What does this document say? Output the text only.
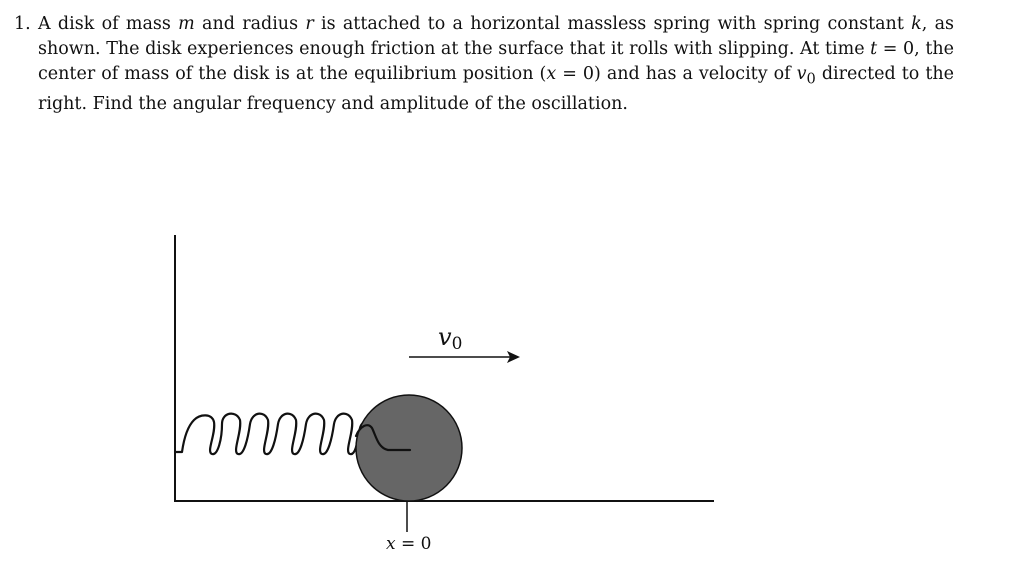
1. A disk of mass m and radius r is attached to a horizontal massless spring with spring constant k, as shown. The disk experiences enough friction at the surface that it rolls with slipping. At time t = 0, the center of mass of the disk is at the equilibrium position (x = 0) and has a velocity of $v_0$ directed to the right. Find the angular frequency and amplitude of the oscillation.
$v_0$
x = 0
